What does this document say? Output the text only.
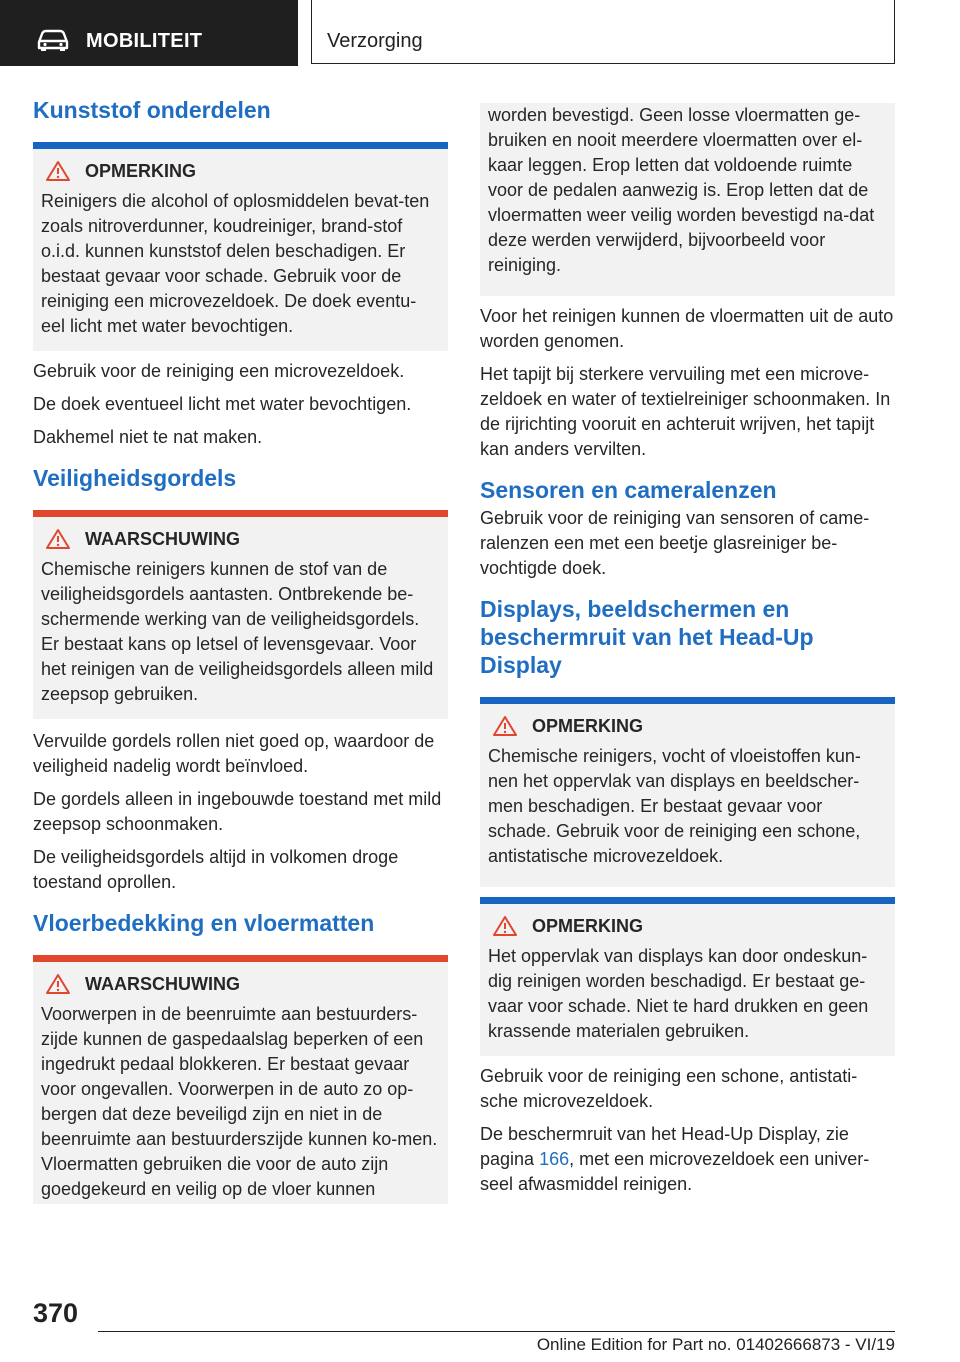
MOBILITEIT	Verzorging
Kunststof onderdelen
OPMERKING

Reinigers die alcohol of oplosmiddelen bevat-ten zoals nitroverdunner, koudreiniger, brand-stof o.i.d. kunnen kunststof delen beschadigen. Er bestaat gevaar voor schade. Gebruik voor de reiniging een microvezeldoek. De doek eventu-eel licht met water bevochtigen.

Gebruik voor de reiniging een microvezeldoek.

De doek eventueel licht met water bevochtigen.

Dakhemel niet te nat maken.

Veiligheidsgordels
WAARSCHUWING

Chemische reinigers kunnen de stof van de veiligheidsgordels aantasten. Ontbrekende be-schermende werking van de veiligheidsgordels. Er bestaat kans op letsel of levensgevaar. Voor het reinigen van de veiligheidsgordels alleen mild zeepsop gebruiken.

Vervuilde gordels rollen niet goed op, waardoor de veiligheid nadelig wordt beïnvloed.

De gordels alleen in ingebouwde toestand met mild zeepsop schoonmaken.

De veiligheidsgordels altijd in volkomen droge toestand oprollen.

Vloerbedekking en vloermatten
WAARSCHUWING

Voorwerpen in de beenruimte aan bestuurders-zijde kunnen de gaspedaalslag beperken of een ingedrukt pedaal blokkeren. Er bestaat gevaar voor ongevallen. Voorwerpen in de auto zo op-bergen dat deze beveiligd zijn en niet in de beenruimte aan bestuurderszijde kunnen ko-men. Vloermatten gebruiken die voor de auto zijn goedgekeurd en veilig op de vloer kunnen

worden bevestigd. Geen losse vloermatten ge-bruiken en nooit meerdere vloermatten over el-kaar leggen. Erop letten dat voldoende ruimte voor de pedalen aanwezig is. Erop letten dat de vloermatten weer veilig worden bevestigd na-dat deze werden verwijderd, bijvoorbeeld voor reiniging.

Voor het reinigen kunnen de vloermatten uit de auto worden genomen.

Het tapijt bij sterkere vervuiling met een microve-zeldoek en water of textielreiniger schoonmaken. In de rijrichting vooruit en achteruit wrijven, het tapijt kan anders vervilten.

Sensoren en cameralenzen

Gebruik voor de reiniging van sensoren of came-ralenzen een met een beetje glasreiniger be-vochtigde doek.

Displays, beeldschermen en beschermruit van het Head-Up Display
OPMERKING

Chemische reinigers, vocht of vloeistoffen kun-nen het oppervlak van displays en beeldscher-men beschadigen. Er bestaat gevaar voor schade. Gebruik voor de reiniging een schone, antistatische microvezeldoek.

OPMERKING

Het oppervlak van displays kan door ondeskun-dig reinigen worden beschadigd. Er bestaat ge-vaar voor schade. Niet te hard drukken en geen krassende materialen gebruiken.

Gebruik voor de reiniging een schone, antistati-sche microvezeldoek.

De beschermruit van het Head-Up Display, zie pagina 166, met een microvezeldoek een univer-seel afwasmiddel reinigen.

370
Online Edition for Part no. 01402666873 - VI/19
